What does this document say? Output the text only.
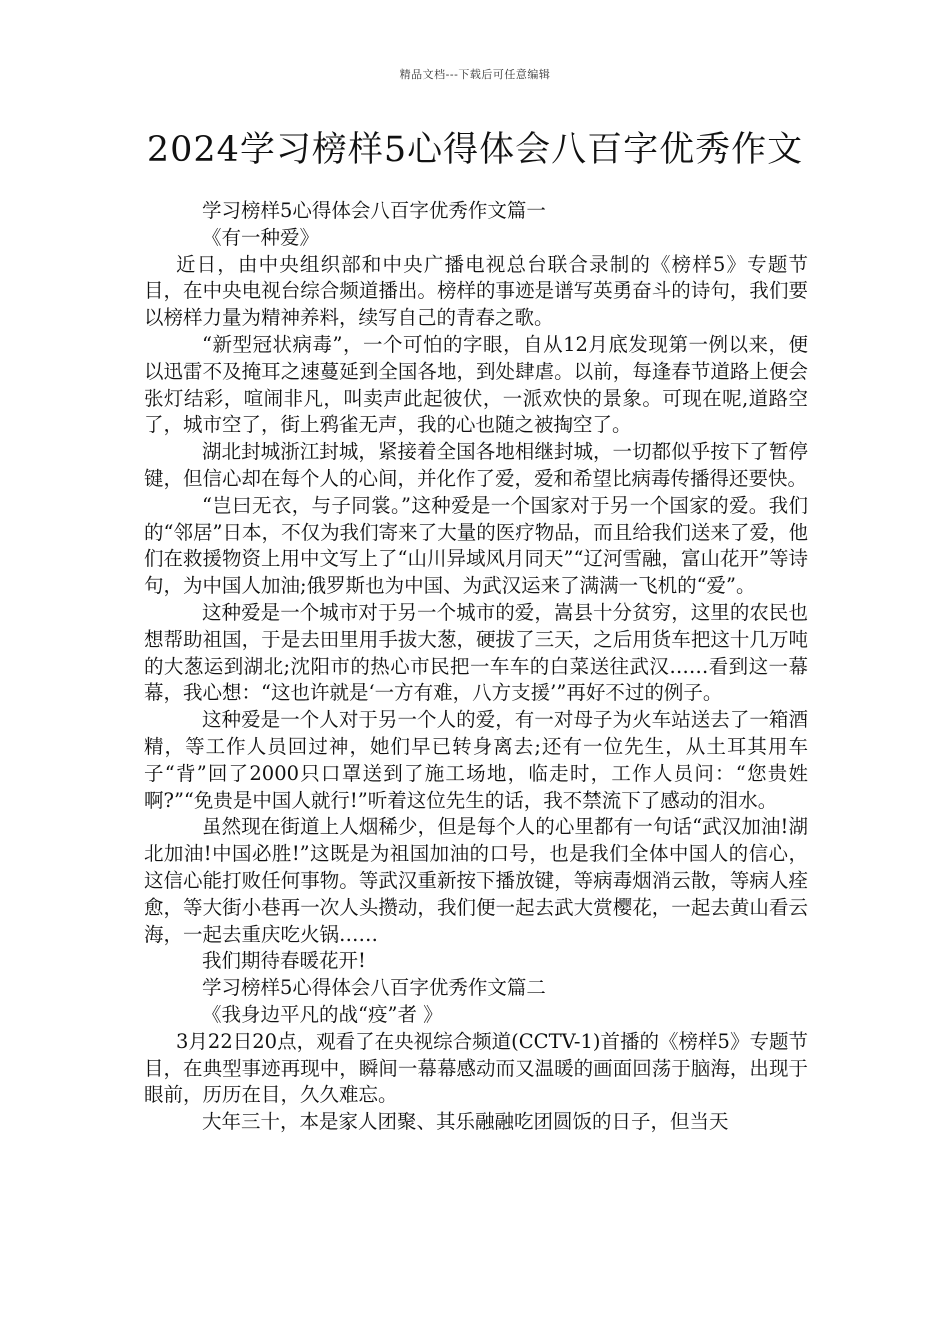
精品文档---下载后可任意编辑
2024学习榜样5心得体会八百字优秀作文

学习榜样5心得体会八百字优秀作文篇一

《有一种爱》

近日，由中央组织部和中央广播电视总台联合录制的《榜样5》专题节目，在中央电视台综合频道播出。榜样的事迹是谱写英勇奋斗的诗句，我们要以榜样力量为精神养料，续写自己的青春之歌。

“新型冠状病毒”，一个可怕的字眼，自从12月底发现第一例以来，便以迅雷不及掩耳之速蔓延到全国各地，到处肆虐。以前，每逢春节道路上便会张灯结彩，喧闹非凡，叫卖声此起彼伏，一派欢快的景象。可现在呢,道路空了，城市空了，街上鸦雀无声，我的心也随之被掏空了。

湖北封城浙江封城，紧接着全国各地相继封城，一切都似乎按下了暂停键，但信心却在每个人的心间，并化作了爱，爱和希望比病毒传播得还要快。

“岂曰无衣，与子同裳。”这种爱是一个国家对于另一个国家的爱。我们的“邻居”日本，不仅为我们寄来了大量的医疗物品，而且给我们送来了爱，他们在救援物资上用中文写上了“山川异域风月同天”“辽河雪融，富山花开”等诗句，为中国人加油;俄罗斯也为中国、为武汉运来了满满一飞机的“爱”。

这种爱是一个城市对于另一个城市的爱，嵩县十分贫穷，这里的农民也想帮助祖国，于是去田里用手拔大葱，硬拔了三天，之后用货车把这十几万吨的大葱运到湖北;沈阳市的热心市民把一车车的白菜送往武汉……看到这一幕幕，我心想：“这也许就是‘一方有难，八方支援’”再好不过的例子。

这种爱是一个人对于另一个人的爱，有一对母子为火车站送去了一箱酒精，等工作人员回过神，她们早已转身离去;还有一位先生，从土耳其用车子“背”回了2000只口罩送到了施工场地，临走时，工作人员问：“您贵姓啊?”“免贵是中国人就行!”听着这位先生的话，我不禁流下了感动的泪水。

虽然现在街道上人烟稀少，但是每个人的心里都有一句话“武汉加油!湖北加油!中国必胜!”这既是为祖国加油的口号，也是我们全体中国人的信心，这信心能打败任何事物。等武汉重新按下播放键，等病毒烟消云散，等病人痊愈，等大街小巷再一次人头攒动，我们便一起去武大赏樱花，一起去黄山看云海，一起去重庆吃火锅……

我们期待春暖花开!

学习榜样5心得体会八百字优秀作文篇二

《我身边平凡的战“疫”者 》

3月22日20点，观看了在央视综合频道(CCTV-1)首播的《榜样5》专题节目，在典型事迹再现中，瞬间一幕幕感动而又温暖的画面回荡于脑海，出现于眼前，历历在目，久久难忘。

大年三十，本是家人团聚、其乐融融吃团圆饭的日子，但当天
